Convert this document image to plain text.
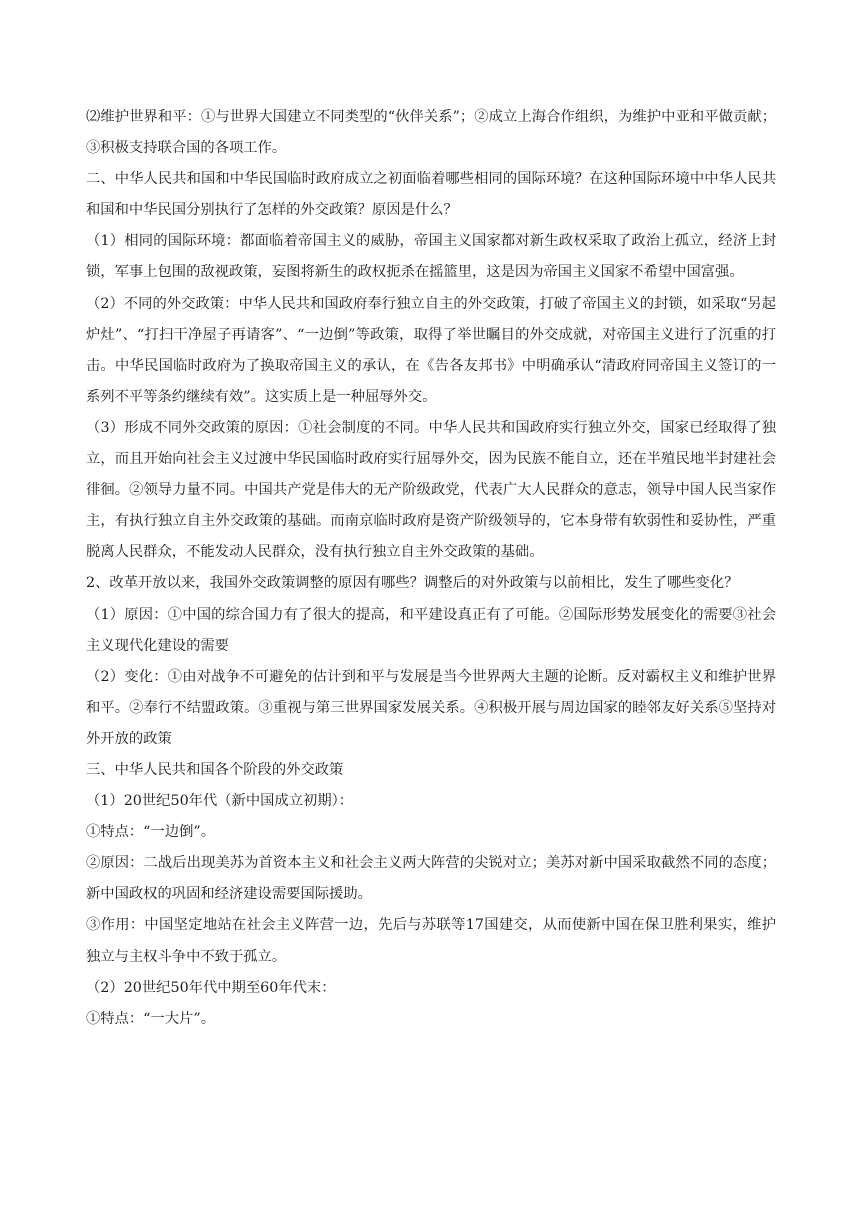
⑵维护世界和平：①与世界大国建立不同类型的“伙伴关系”；②成立上海合作组织，为维护中亚和平做贡献；③积极支持联合国的各项工作。

二、中华人民共和国和中华民国临时政府成立之初面临着哪些相同的国际环境？在这种国际环境中中华人民共和国和中华民国分别执行了怎样的外交政策？原因是什么？

（1）相同的国际环境：都面临着帝国主义的威胁，帝国主义国家都对新生政权采取了政治上孤立，经济上封锁，军事上包围的敌视政策，妄图将新生的政权扼杀在摇篮里，这是因为帝国主义国家不希望中国富强。

（2）不同的外交政策：中华人民共和国政府奉行独立自主的外交政策，打破了帝国主义的封锁，如采取“另起炉灶”、“打扫干净屋子再请客”、“一边倒”等政策，取得了举世瞩目的外交成就，对帝国主义进行了沉重的打击。中华民国临时政府为了换取帝国主义的承认，在《告各友邦书》中明确承认“清政府同帝国主义签订的一系列不平等条约继续有效”。这实质上是一种屈辱外交。

（3）形成不同外交政策的原因：①社会制度的不同。中华人民共和国政府实行独立外交，国家已经取得了独立，而且开始向社会主义过渡中华民国临时政府实行屈辱外交，因为民族不能自立，还在半殖民地半封建社会徘徊。②领导力量不同。中国共产党是伟大的无产阶级政党，代表广大人民群众的意志，领导中国人民当家作主，有执行独立自主外交政策的基础。而南京临时政府是资产阶级领导的，它本身带有软弱性和妥协性，严重脱离人民群众，不能发动人民群众，没有执行独立自主外交政策的基础。

2、改革开放以来，我国外交政策调整的原因有哪些？调整后的对外政策与以前相比，发生了哪些变化？

（1）原因：①中国的综合国力有了很大的提高，和平建设真正有了可能。②国际形势发展变化的需要③社会主义现代化建设的需要

（2）变化：①由对战争不可避免的估计到和平与发展是当今世界两大主题的论断。反对霸权主义和维护世界和平。②奉行不结盟政策。③重视与第三世界国家发展关系。④积极开展与周边国家的睦邻友好关系⑤坚持对外开放的政策

三、中华人民共和国各个阶段的外交政策

（1）20世纪50年代（新中国成立初期）：

①特点：“一边倒”。

②原因：二战后出现美苏为首资本主义和社会主义两大阵营的尖锐对立；美苏对新中国采取截然不同的态度；新中国政权的巩固和经济建设需要国际援助。

③作用：中国坚定地站在社会主义阵营一边，先后与苏联等17国建交，从而使新中国在保卫胜利果实，维护独立与主权斗争中不致于孤立。

（2）20世纪50年代中期至60年代末：

①特点：“一大片”。
